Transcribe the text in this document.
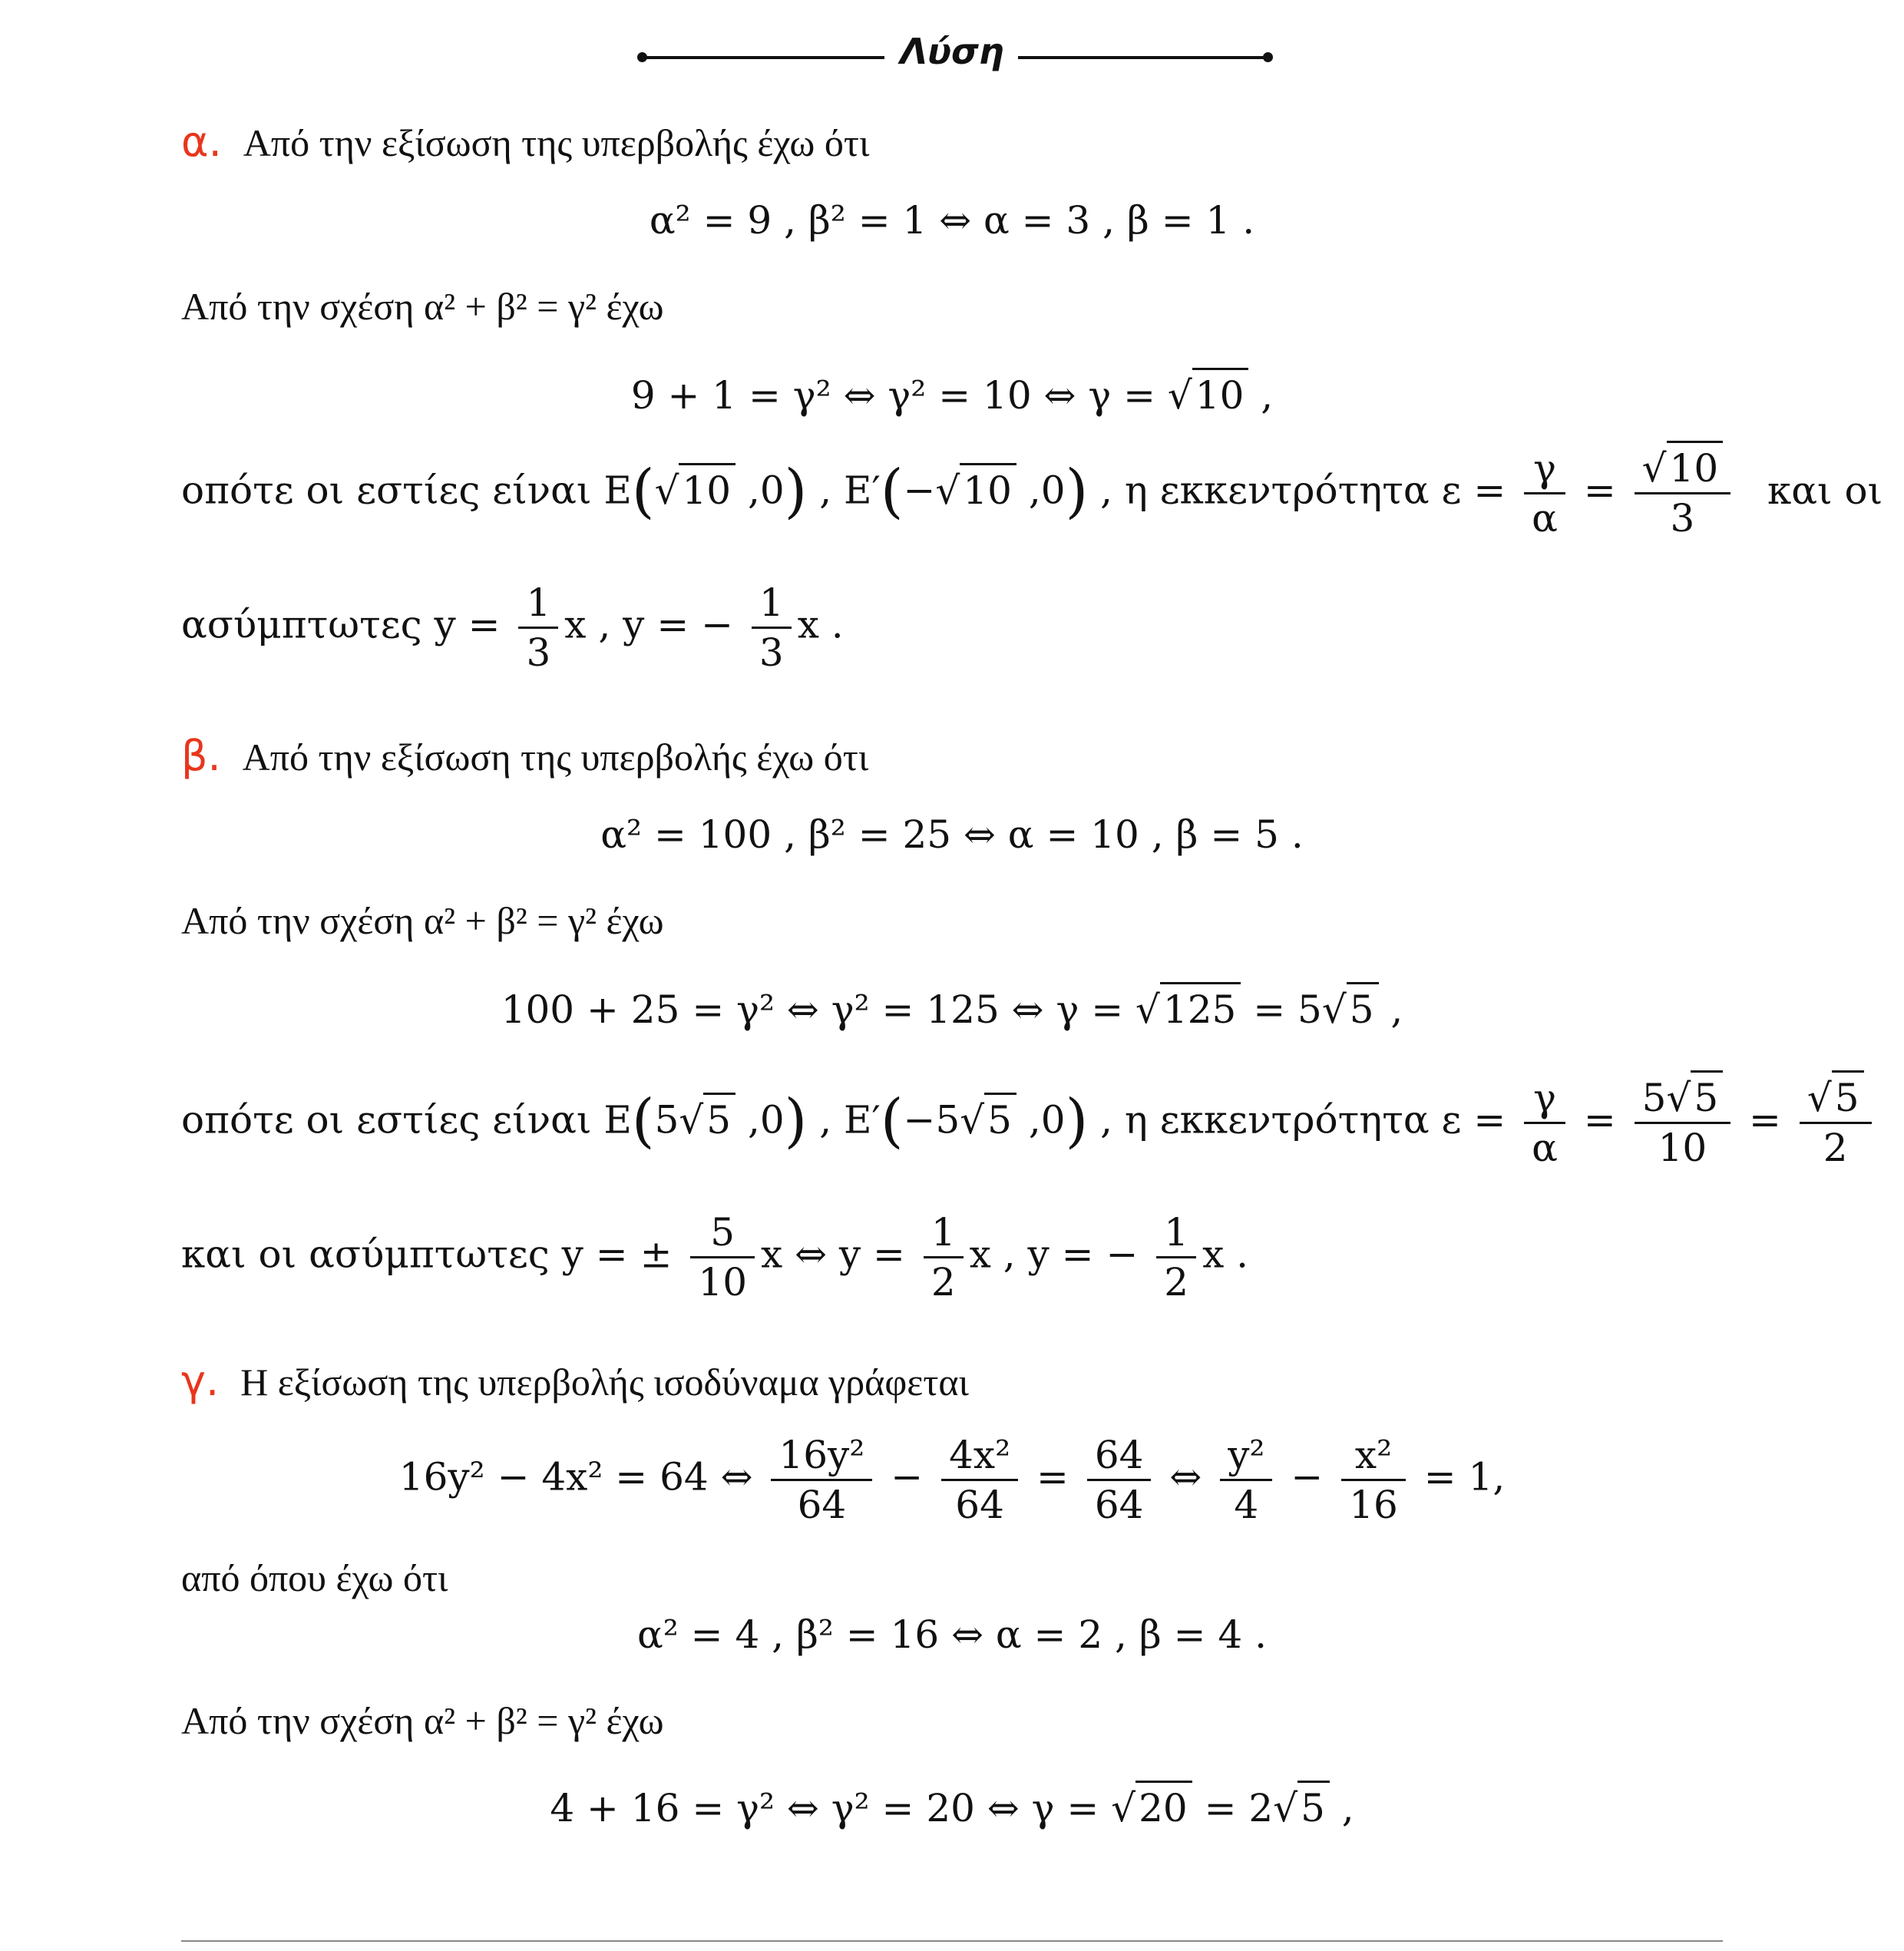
Λύση
α. Από την εξίσωση της υπερβολής έχω ότι
α² = 9 , β² = 1 ⇔ α = 3 , β = 1 .
Από την σχέση α² + β² = γ² έχω
9 + 1 = γ² ⇔ γ² = 10 ⇔ γ = √10 ,
οπότε οι εστίες είναι E(√10 ,0) , E′(−√10 ,0) , η εκκεντρότητα $\varepsilon = \frac{\gamma}{\alpha} = \frac{√10}{3}$ και οι
ασύμπτωτες $y = \frac{1}{3}$ x , y = − $\frac{1}{3}$ x .
β. Από την εξίσωση της υπερβολής έχω ότι
α² = 100 , β² = 25 ⇔ α = 10 , β = 5 .
Από την σχέση α² + β² = γ² έχω
100 + 25 = γ² ⇔ γ² = 125 ⇔ γ = √125 = 5√5 ,
οπότε οι εστίες είναι E(5√5 ,0) , E′(−5√5 ,0) , η εκκεντρότητα $\varepsilon = \frac{\gamma}{\alpha} = \frac{5√5}{10} = \frac{√5}{2}$
και οι ασύμπτωτες y = ± $\frac{5}{10}$ x ⇔ $y = \frac{1}{2}$ x , y = − $\frac{1}{2}$ x .
γ. Η εξίσωση της υπερβολής ισοδύναμα γράφεται
16y² − 4x² = 64 ⇔ $\frac{\text{16y²}}{64} - \frac{\text{4x²}}{64} = \frac{64}{64}$ ⇔ $\frac{\text{y²}}{4} - \frac{\text{x²}}{16} = 1$,
από όπου έχω ότι
α² = 4 , β² = 16 ⇔ α = 2 , β = 4 .
Από την σχέση α² + β² = γ² έχω
4 + 16 = γ² ⇔ γ² = 20 ⇔ γ = √20 = 2√5 ,
